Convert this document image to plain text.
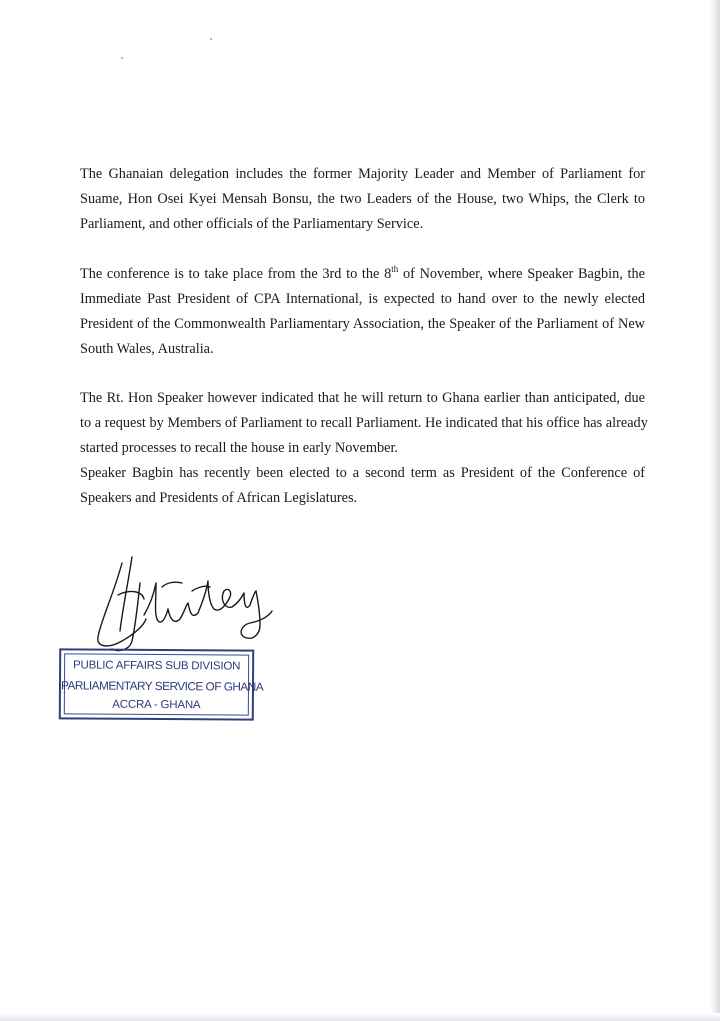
The Ghanaian delegation includes the former Majority Leader and Member of Parliament for
Suame, Hon Osei Kyei Mensah Bonsu, the two Leaders of the House, two Whips, the Clerk to
Parliament, and other officials of the Parliamentary Service.
The conference is to take place from the 3rd to the 8th of November, where Speaker Bagbin, the
Immediate Past President of CPA International, is expected to hand over to the newly elected
President of the Commonwealth Parliamentary Association, the Speaker of the Parliament of New
South Wales, Australia.
The Rt. Hon Speaker however indicated that he will return to Ghana earlier than anticipated, due
to a request by Members of Parliament to recall Parliament. He indicated that his office has already
started processes to recall the house in early November.
Speaker Bagbin has recently been elected to a second term as President of the Conference of
Speakers and Presidents of African Legislatures.
PUBLIC AFFAIRS SUB DIVISION
PARLIAMENTARY SERVICE OF GHANA
ACCRA - GHANA
